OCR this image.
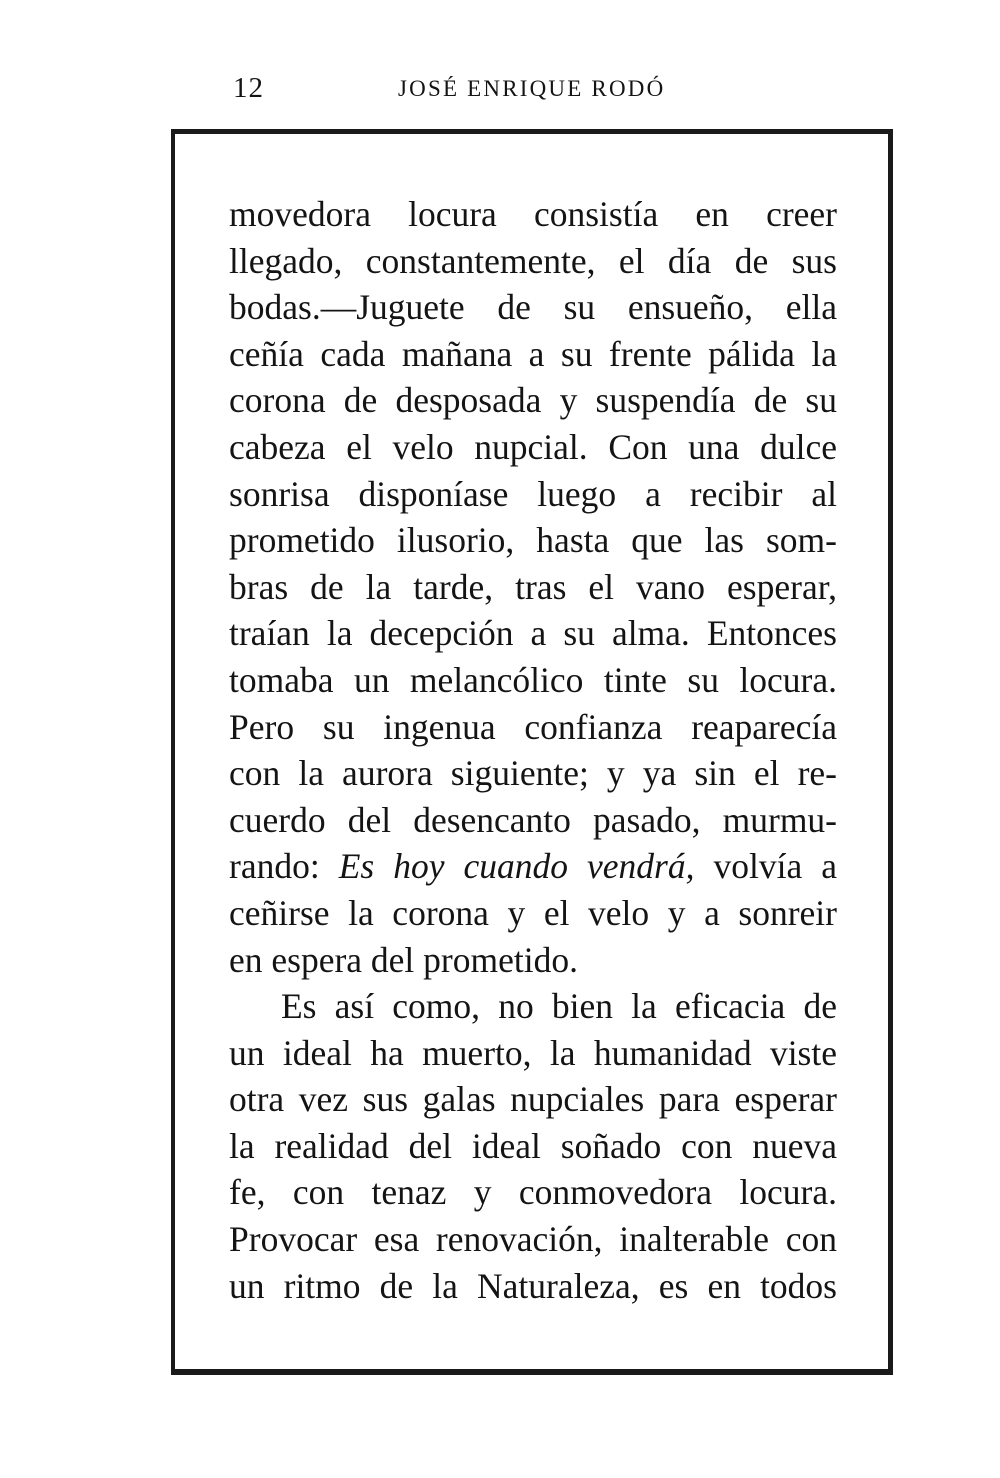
12	JOSÉ ENRIQUE RODÓ
movedora locura consistía en creer
llegado, constantemente, el día de sus
bodas.—Juguete de su ensueño, ella
ceñía cada mañana a su frente pálida la
corona de desposada y suspendía de su
cabeza el velo nupcial. Con una dulce
sonrisa disponíase luego a recibir al
prometido ilusorio, hasta que las som-
bras de la tarde, tras el vano esperar,
traían la decepción a su alma. Entonces
tomaba un melancólico tinte su locura.
Pero su ingenua confianza reaparecía
con la aurora siguiente; y ya sin el re-
cuerdo del desencanto pasado, murmu-
rando: Es hoy cuando vendrá, volvía a
ceñirse la corona y el velo y a sonreir
en espera del prometido.
Es así como, no bien la eficacia de
un ideal ha muerto, la humanidad viste
otra vez sus galas nupciales para esperar
la realidad del ideal soñado con nueva
fe, con tenaz y conmovedora locura.
Provocar esa renovación, inalterable con
un ritmo de la Naturaleza, es en todos
